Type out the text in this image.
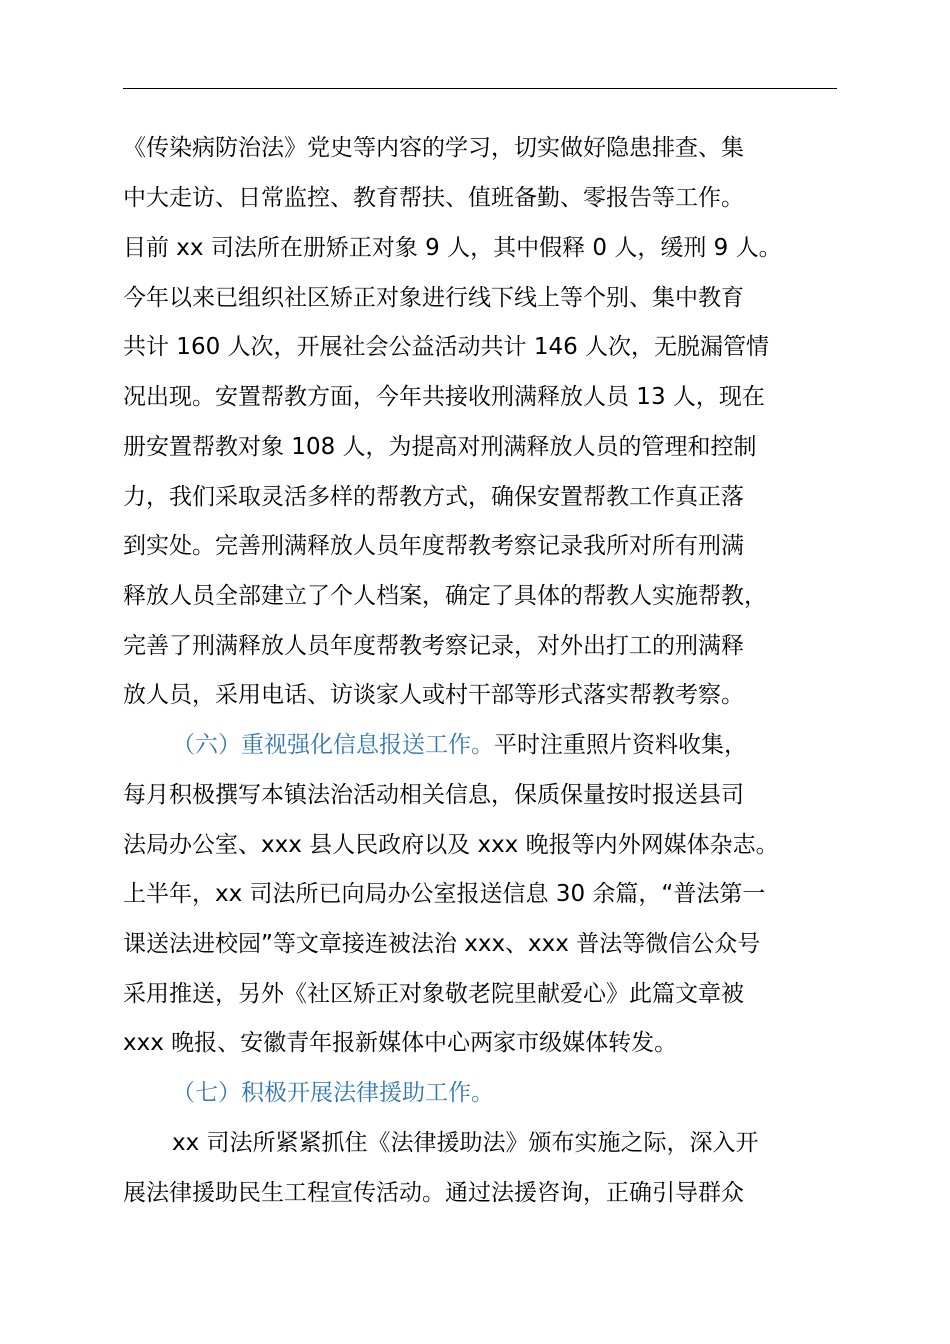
《传染病防治法》党史等内容的学习，切实做好隐患排查、集
中大走访、日常监控、教育帮扶、值班备勤、零报告等工作。
目前 xx 司法所在册矫正对象 9 人，其中假释 0 人，缓刑 9 人。
今年以来已组织社区矫正对象进行线下线上等个别、集中教育
共计 160 人次，开展社会公益活动共计 146 人次，无脱漏管情
况出现。安置帮教方面，今年共接收刑满释放人员 13 人，现在
册安置帮教对象 108 人，为提高对刑满释放人员的管理和控制
力，我们采取灵活多样的帮教方式，确保安置帮教工作真正落
到实处。完善刑满释放人员年度帮教考察记录我所对所有刑满
释放人员全部建立了个人档案，确定了具体的帮教人实施帮教，
完善了刑满释放人员年度帮教考察记录，对外出打工的刑满释
放人员，采用电话、访谈家人或村干部等形式落实帮教考察。
（六）重视强化信息报送工作。平时注重照片资料收集，
每月积极撰写本镇法治活动相关信息，保质保量按时报送县司
法局办公室、xxx 县人民政府以及 xxx 晚报等内外网媒体杂志。
上半年，xx 司法所已向局办公室报送信息 30 余篇，“普法第一
课送法进校园”等文章接连被法治 xxx、xxx 普法等微信公众号
采用推送，另外《社区矫正对象敬老院里献爱心》此篇文章被
xxx 晚报、安徽青年报新媒体中心两家市级媒体转发。
（七）积极开展法律援助工作。
xx 司法所紧紧抓住《法律援助法》颁布实施之际，深入开
展法律援助民生工程宣传活动。通过法援咨询，正确引导群众
